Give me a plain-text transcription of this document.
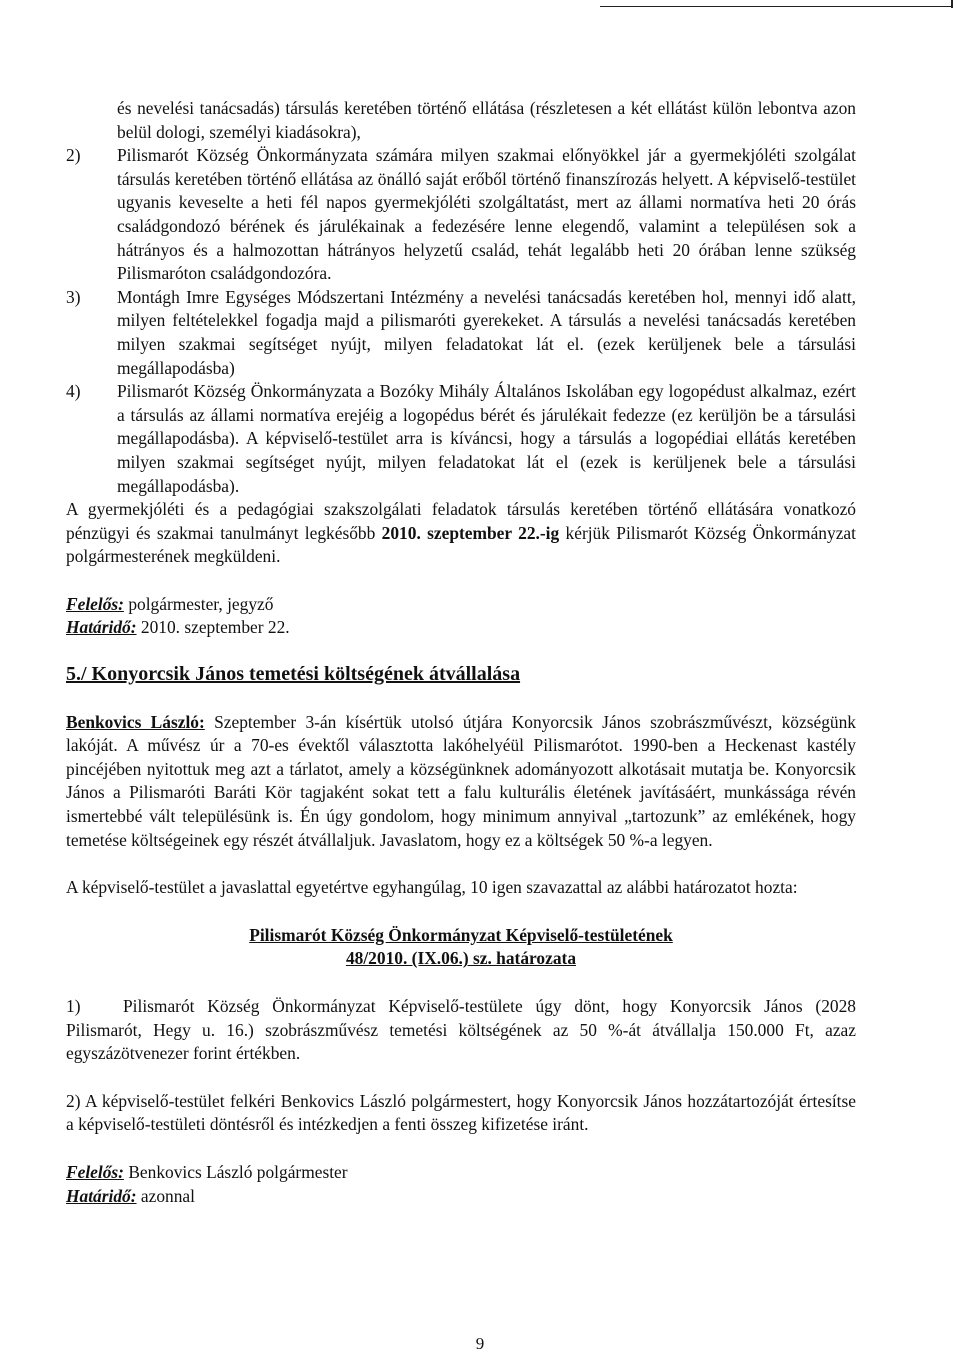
és nevelési tanácsadás) társulás keretében történő ellátása (részletesen a két ellátást külön lebontva azon belül dologi, személyi kiadásokra),

2)	Pilismarót Község Önkormányzata számára milyen szakmai előnyökkel jár a gyermekjóléti szolgálat társulás keretében történő ellátása az önálló saját erőből történő finanszírozás helyett. A képviselő-testület ugyanis keveselte a heti fél napos gyermekjóléti szolgáltatást, mert az állami normatíva heti 20 órás családgondozó bérének és járulékainak a fedezésére lenne elegendő, valamint a településen sok a hátrányos és a halmozottan hátrányos helyzetű család, tehát legalább heti 20 órában lenne szükség Pilismaróton családgondozóra.
3)	Montágh Imre Egységes Módszertani Intézmény a nevelési tanácsadás keretében hol, mennyi idő alatt, milyen feltételekkel fogadja majd a pilismaróti gyerekeket. A társulás a nevelési tanácsadás keretében milyen szakmai segítséget nyújt, milyen feladatokat lát el. (ezek kerüljenek bele a társulási megállapodásba)
4)	Pilismarót Község Önkormányzata a Bozóky Mihály Általános Iskolában egy logopédust alkalmaz, ezért a társulás az állami normatíva erejéig a logopédus bérét és járulékait fedezze (ez kerüljön be a társulási megállapodásba). A képviselő-testület arra is kíváncsi, hogy a társulás a logopédiai ellátás keretében milyen szakmai segítséget nyújt, milyen feladatokat lát el (ezek is kerüljenek bele a társulási megállapodásba).

A gyermekjóléti és a pedagógiai szakszolgálati feladatok társulás keretében történő ellátására vonatkozó pénzügyi és szakmai tanulmányt legkésőbb 2010. szeptember 22.-ig kérjük Pilismarót Község Önkormányzat polgármesterének megküldeni.

Felelős: polgármester, jegyző

Határidő: 2010. szeptember 22.

5./ Konyorcsik János temetési költségének átvállalása

Benkovics László: Szeptember 3-án kísértük utolsó útjára Konyorcsik János szobrászművészt, községünk lakóját. A művész úr a 70-es évektől választotta lakóhelyéül Pilismarótot. 1990-ben a Heckenast kastély pincéjében nyitottuk meg azt a tárlatot, amely a községünknek adományozott alkotásait mutatja be. Konyorcsik János a Pilismaróti Baráti Kör tagjaként sokat tett a falu kulturális életének javításáért, munkássága révén ismertebbé vált településünk is. Én úgy gondolom, hogy minimum annyival „tartozunk” az emlékének, hogy temetése költségeinek egy részét átvállaljuk. Javaslatom, hogy ez a költségek 50 %-a legyen.

A képviselő-testület a javaslattal egyetértve egyhangúlag, 10 igen szavazattal az alábbi határozatot hozta:

Pilismarót Község Önkormányzat Képviselő-testületének

48/2010. (IX.06.) sz. határozata

1)	Pilismarót Község Önkormányzat Képviselő-testülete úgy dönt, hogy Konyorcsik János (2028 Pilismarót, Hegy u. 16.) szobrászművész temetési költségének az 50 %-át átvállalja 150.000 Ft, azaz egyszázötvenezer forint értékben.

2) A képviselő-testület felkéri Benkovics László polgármestert, hogy Konyorcsik János hozzátartozóját értesítse a képviselő-testületi döntésről és intézkedjen a fenti összeg kifizetése iránt.

Felelős: Benkovics László polgármester

Határidő: azonnal

9
